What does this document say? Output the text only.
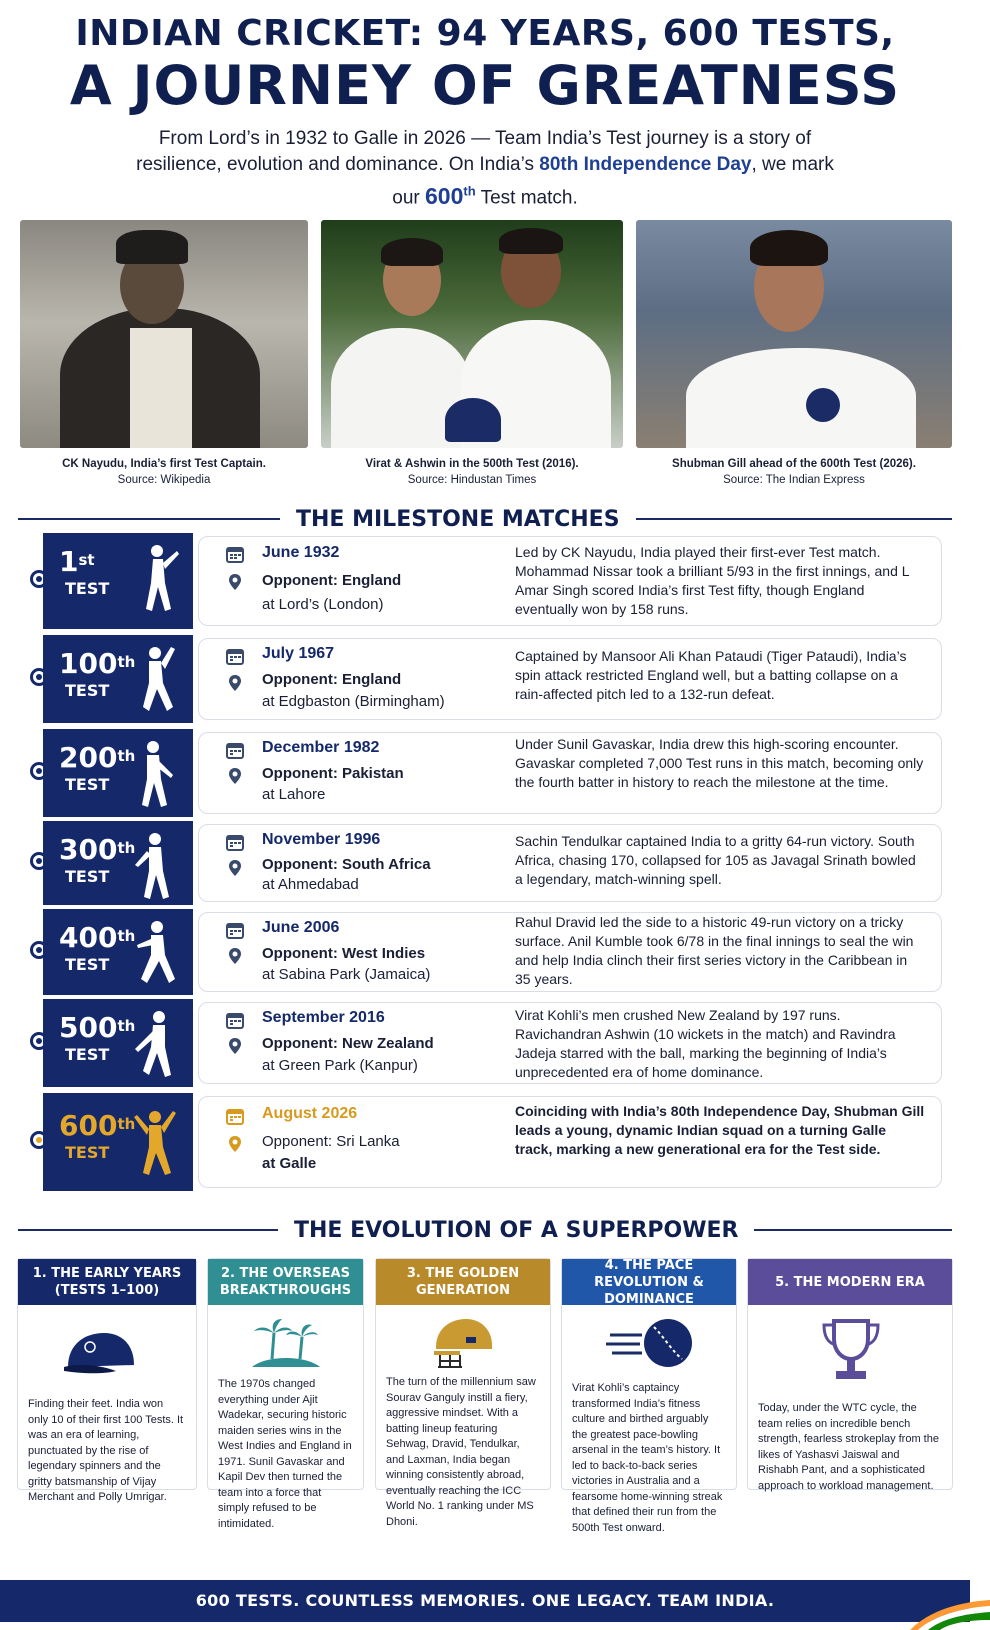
INDIAN CRICKET: 94 YEARS, 600 TESTS,
A JOURNEY OF GREATNESS
From Lord’s in 1932 to Galle in 2026 — Team India’s Test journey is a story of resilience, evolution and dominance. On India’s 80th Independence Day, we mark our 600th Test match.
CK Nayudu, India’s first Test Captain.
Source: Wikipedia
Virat & Ashwin in the 500th Test (2016).
Source: Hindustan Times
Shubman Gill ahead of the 600th Test (2026).
Source: The Indian Express
THE MILESTONE MATCHES
1st
TEST
June 1932
Opponent: England
at Lord’s (London)
Led by CK Nayudu, India played their first-ever Test match. Mohammad Nissar took a brilliant 5/93 in the first innings, and L Amar Singh scored India’s first Test fifty, though England eventually won by 158 runs.
100th
TEST
July 1967
Opponent: England
at Edgbaston (Birmingham)
Captained by Mansoor Ali Khan Pataudi (Tiger Pataudi), India’s spin attack restricted England well, but a batting collapse on a rain-affected pitch led to a 132-run defeat.
200th
TEST
December 1982
Opponent: Pakistan
at Lahore
Under Sunil Gavaskar, India drew this high-scoring encounter. Gavaskar completed 7,000 Test runs in this match, becoming only the fourth batter in history to reach the milestone at the time.
300th
TEST
November 1996
Opponent: South Africa
at Ahmedabad
Sachin Tendulkar captained India to a gritty 64-run victory. South Africa, chasing 170, collapsed for 105 as Javagal Srinath bowled a legendary, match-winning spell.
400th
TEST
June 2006
Opponent: West Indies
at Sabina Park (Jamaica)
Rahul Dravid led the side to a historic 49-run victory on a tricky surface. Anil Kumble took 6/78 in the final innings to seal the win and help India clinch their first series victory in the Caribbean in 35 years.
500th
TEST
September 2016
Opponent: New Zealand
at Green Park (Kanpur)
Virat Kohli’s men crushed New Zealand by 197 runs. Ravichandran Ashwin (10 wickets in the match) and Ravindra Jadeja starred with the ball, marking the beginning of India’s unprecedented era of home dominance.
600th
TEST
August 2026
Opponent: Sri Lanka
at Galle
Coinciding with India’s 80th Independence Day, Shubman Gill leads a young, dynamic Indian squad on a turning Galle track, marking a new generational era for the Test side.
THE EVOLUTION OF A SUPERPOWER
1. THE EARLY YEARS (TESTS 1–100)
Finding their feet. India won only 10 of their first 100 Tests. It was an era of learning, punctuated by the rise of legendary spinners and the gritty batsmanship of Vijay Merchant and Polly Umrigar.
2. THE OVERSEAS BREAKTHROUGHS
The 1970s changed everything under Ajit Wadekar, securing historic maiden series wins in the West Indies and England in 1971. Sunil Gavaskar and Kapil Dev then turned the team into a force that simply refused to be intimidated.
3. THE GOLDEN GENERATION
The turn of the millennium saw Sourav Ganguly instill a fiery, aggressive mindset. With a batting lineup featuring Sehwag, Dravid, Tendulkar, and Laxman, India began winning consistently abroad, eventually reaching the ICC World No. 1 ranking under MS Dhoni.
4. THE PACE REVOLUTION & DOMINANCE
Virat Kohli’s captaincy transformed India’s fitness culture and birthed arguably the greatest pace-bowling arsenal in the team’s history. It led to back-to-back series victories in Australia and a fearsome home-winning streak that defined their run from the 500th Test onward.
5. THE MODERN ERA
Today, under the WTC cycle, the team relies on incredible bench strength, fearless strokeplay from the likes of Yashasvi Jaiswal and Rishabh Pant, and a sophisticated approach to workload management.
600 TESTS. COUNTLESS MEMORIES. ONE LEGACY. TEAM INDIA.
